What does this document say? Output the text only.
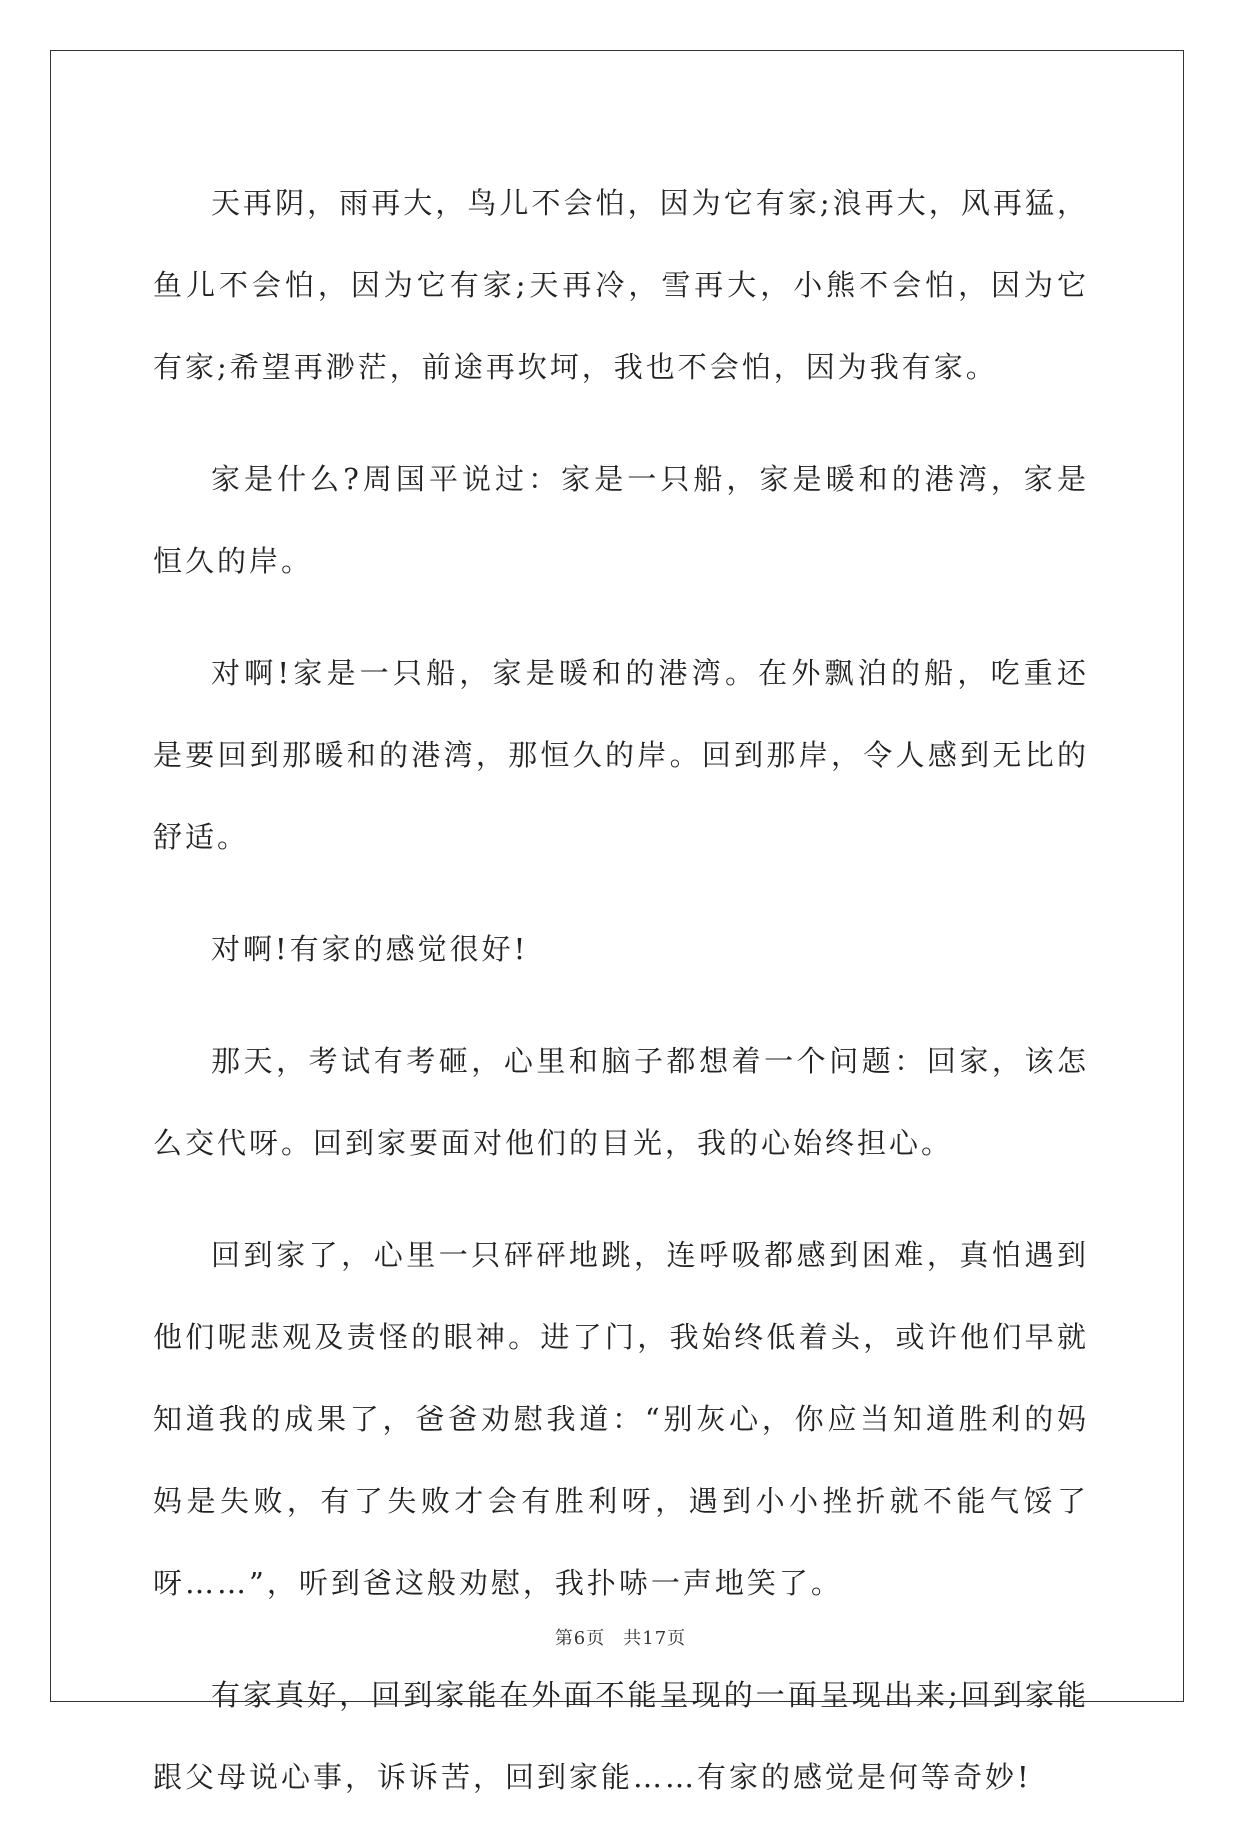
天再阴，雨再大，鸟儿不会怕，因为它有家;浪再大，风再猛，鱼儿不会怕，因为它有家;天再冷，雪再大，小熊不会怕，因为它有家;希望再渺茫，前途再坎坷，我也不会怕，因为我有家。

家是什么?周国平说过：家是一只船，家是暖和的港湾，家是恒久的岸。

对啊!家是一只船，家是暖和的港湾。在外飘泊的船，吃重还是要回到那暖和的港湾，那恒久的岸。回到那岸，令人感到无比的舒适。

对啊!有家的感觉很好!

那天，考试有考砸，心里和脑子都想着一个问题：回家，该怎么交代呀。回到家要面对他们的目光，我的心始终担心。

回到家了，心里一只砰砰地跳，连呼吸都感到困难，真怕遇到他们呢悲观及责怪的眼神。进了门，我始终低着头，或许他们早就知道我的成果了，爸爸劝慰我道：“别灰心，你应当知道胜利的妈妈是失败，有了失败才会有胜利呀，遇到小小挫折就不能气馁了呀……”，听到爸这般劝慰，我扑哧一声地笑了。

有家真好，回到家能在外面不能呈现的一面呈现出来;回到家能跟父母说心事，诉诉苦，回到家能……有家的感觉是何等奇妙!

第6页 共17页
